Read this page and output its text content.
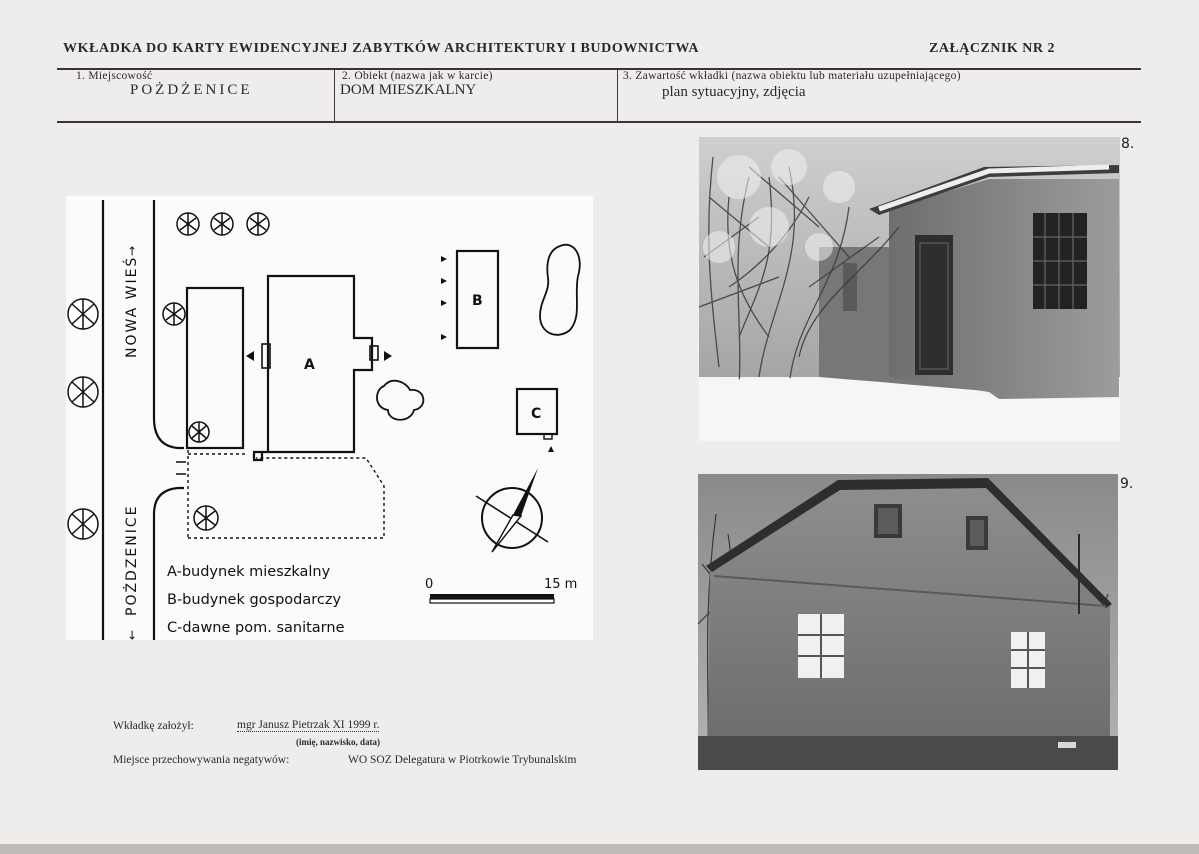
WKŁADKA DO KARTY EWIDENCYJNEJ ZABYTKÓW ARCHITEKTURY I BUDOWNICTWA	ZAŁĄCZNIK NR 2
1. Miejscowość
POŻDŻENICE
2. Obiekt (nazwa jak w karcie)
DOM MIESZKALNY
3. Zawartość wkładki (nazwa obiektu lub materiału uzupełniającego)
plan sytuacyjny, zdjęcia
NOWA WIEŚ
→
POŻDZENICE
←
A
B
C
A-budynek mieszkalny
B-budynek gospodarczy
C-dawne pom. sanitarne
0	15 m
8.
9.
Wkładkę założył:	mgr Janusz Pietrzak XI 1999 r.
(imię, nazwisko, data)
Miejsce przechowywania negatywów:	WO SOZ Delegatura w Piotrkowie Trybunalskim
